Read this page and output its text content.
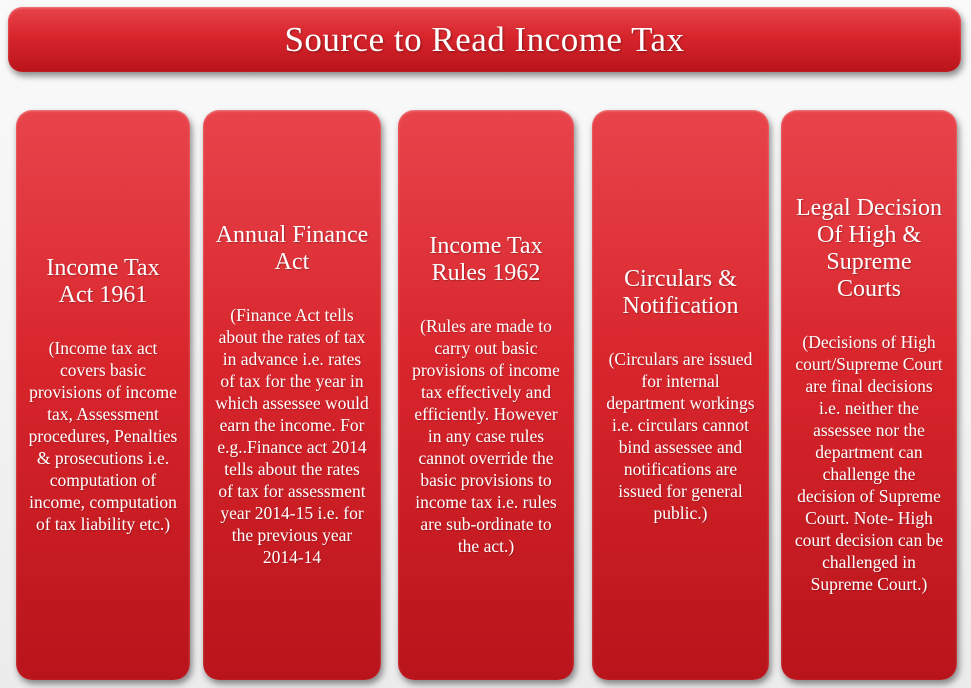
Source to Read Income Tax
Income Tax Act 1961
(Income tax act covers basic provisions of income tax, Assessment procedures, Penalties & prosecutions i.e. computation of income, computation of tax liability etc.)
Annual Finance Act
(Finance Act tells about the rates of tax in advance i.e. rates of tax for the year in which assessee would earn the income. For e.g..Finance act 2014 tells about the rates of tax for assessment year 2014-15 i.e. for the previous year 2014-14
Income Tax Rules 1962
(Rules are made to carry out basic provisions of income tax effectively and efficiently. However in any case rules cannot override the basic provisions to income tax i.e. rules are sub-ordinate to the act.)
Circulars & Notification
(Circulars are issued for internal department workings i.e. circulars cannot bind assessee and notifications are issued for general public.)
Legal Decision Of High & Supreme Courts
(Decisions of High court/Supreme Court are final decisions i.e. neither the assessee nor the department can challenge the decision of Supreme Court. Note- High court decision can be challenged in Supreme Court.)
